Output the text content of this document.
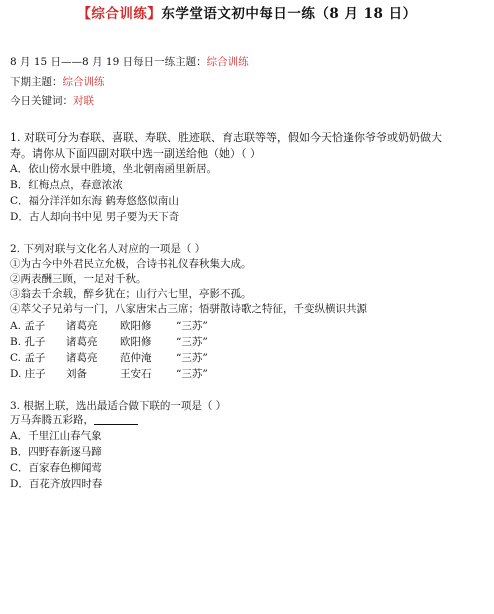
【综合训练】东学堂语文初中每日一练（8 月 18 日）
8 月 15 日——8 月 19 日每日一练主题：综合训练
下期主题：综合训练
今日关键词：对联
1. 对联可分为春联、喜联、寿联、胜迹联、育志联等等，假如今天恰逢你爷爷或奶奶做大
寿。请你从下面四副对联中选一副送给他（她）（ ）
A．依山傍水景中胜境，坐北朝南函里新居。
B．红梅点点，春意浓浓
C．福分洋洋如东海 鹤寿悠悠似南山
D．古人却向书中见 男子要为天下奇
2. 下列对联与文化名人对应的一项是（ ）
①为古今中外君民立允极，合诗书礼仪春秋集大成。
②两表酬三顾，一足对千秋。
③翁去千余载，醉乡犹在；山行六七里，亭影不孤。
④萃父子兄弟与一门，八家唐宋占三席；悟骈散诗歌之特征，千变纵横识共源
A. 孟子 诸葛亮 欧阳修 “三苏”
B. 孔子 诸葛亮 欧阳修 “三苏”
C. 孟子 诸葛亮 范仲淹 “三苏”
D. 庄子 刘备	王安石 “三苏”
3. 根据上联，选出最适合做下联的一项是（ ）
万马奔腾五彩路，
A．千里江山春气象
B．四野春新逐马蹄
C．百家春色柳闻莺
D．百花齐放四时春
